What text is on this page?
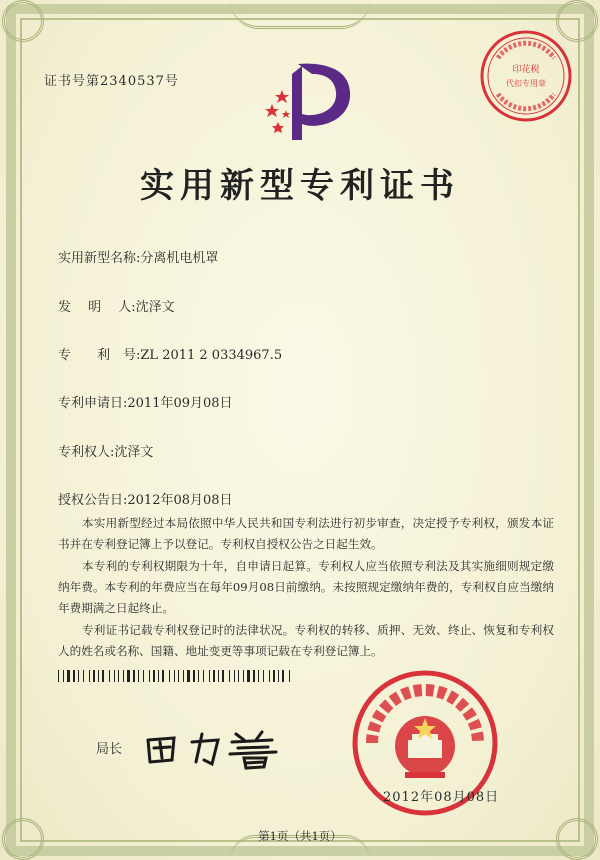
证书号第2340537号
印花税
代扣专用章
实用新型专利证书
实用新型名称:分离机电机罩
发　 明 　人:沈泽文
专　　利　号:ZL 2011 2 0334967.5
专利申请日:2011年09月08日
专利权人:沈泽文
授权公告日:2012年08月08日

本实用新型经过本局依照中华人民共和国专利法进行初步审查，决定授予专利权，颁发本证书并在专利登记簿上予以登记。专利权自授权公告之日起生效。

本专利的专利权期限为十年，自申请日起算。专利权人应当依照专利法及其实施细则规定缴纳年费。本专利的年费应当在每年09月08日前缴纳。未按照规定缴纳年费的，专利权自应当缴纳年费期满之日起终止。

专利证书记载专利权登记时的法律状况。专利权的转移、质押、无效、终止、恢复和专利权人的姓名或名称、国籍、地址变更等事项记载在专利登记簿上。

局长
2012年08月08日
第1页（共1页）
